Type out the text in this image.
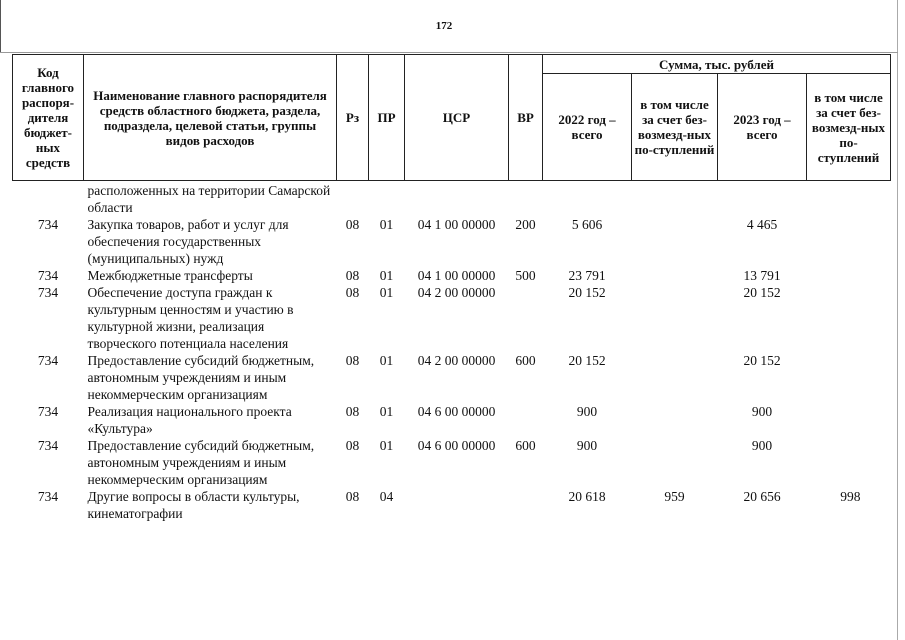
172
Код главного распоря-дителя бюджет-ных средств	Наименование главного распорядителя средств областного бюджета, раздела, подраздела, целевой статьи, группы видов расходов	Рз	ПР	ЦСР	ВР	Сумма, тыс. рублей			
						2022 год – всего	в том числе за счет без-возмезд-ных по-ступлений	2023 год – всего	в том числе за счет без-возмезд-ных по-ступлений
	расположенных на территории Самарской области								
734	Закупка товаров, работ и услуг для обеспечения государственных (муниципальных) нужд	08	01	04 1 00 00000	200	5 606		4 465	
734	Межбюджетные трансферты	08	01	04 1 00 00000	500	23 791		13 791	
734	Обеспечение доступа граждан к культурным ценностям и участию в культурной жизни, реализация творческого потенциала населения	08	01	04 2 00 00000		20 152		20 152	
734	Предоставление субсидий бюджетным, автономным учреждениям и иным некоммерческим организациям	08	01	04 2 00 00000	600	20 152		20 152	
734	Реализация национального проекта «Культура»	08	01	04 6 00 00000		900		900	
734	Предоставление субсидий бюджетным, автономным учреждениям и иным некоммерческим организациям	08	01	04 6 00 00000	600	900		900	
734	Другие вопросы в области культуры, кинематографии	08	04			20 618	959	20 656	998
